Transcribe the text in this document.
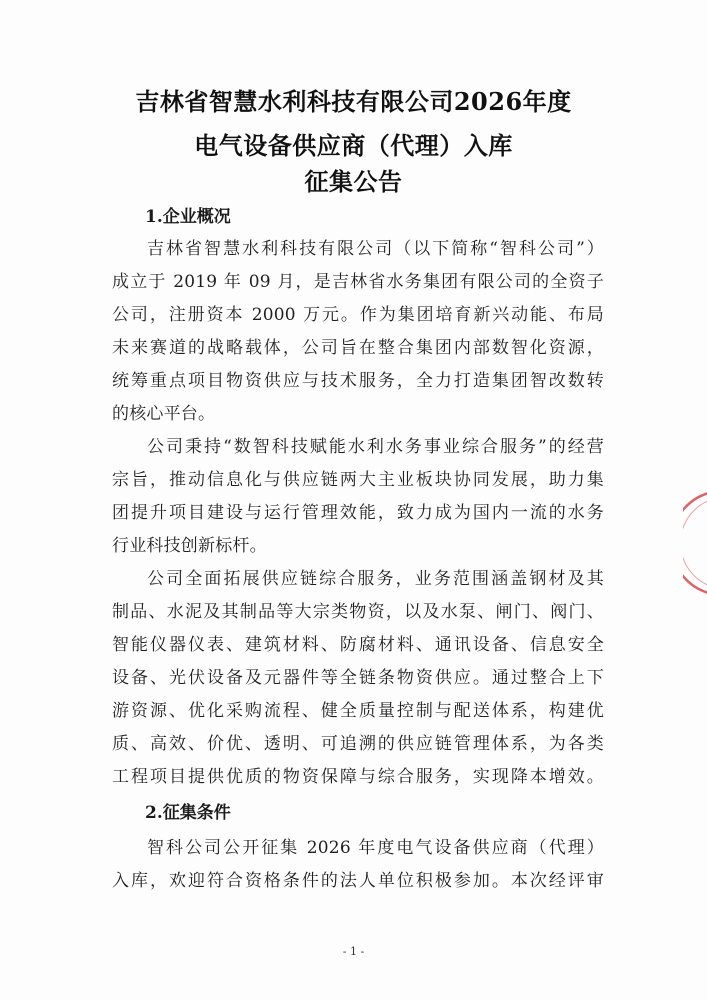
吉林省智慧水利科技有限公司2026年度
电气设备供应商（代理）入库
征集公告
1.企业概况
吉林省智慧水利科技有限公司（以下简称“智科公司”）
成立于 2019 年 09 月，是吉林省水务集团有限公司的全资子
公司，注册资本 2000 万元。作为集团培育新兴动能、布局
未来赛道的战略载体，公司旨在整合集团内部数智化资源，
统筹重点项目物资供应与技术服务，全力打造集团智改数转
的核心平台。
公司秉持“数智科技赋能水利水务事业综合服务”的经营
宗旨，推动信息化与供应链两大主业板块协同发展，助力集
团提升项目建设与运行管理效能，致力成为国内一流的水务
行业科技创新标杆。
公司全面拓展供应链综合服务，业务范围涵盖钢材及其
制品、水泥及其制品等大宗类物资，以及水泵、闸门、阀门、
智能仪器仪表、建筑材料、防腐材料、通讯设备、信息安全
设备、光伏设备及元器件等全链条物资供应。通过整合上下
游资源、优化采购流程、健全质量控制与配送体系，构建优
质、高效、价优、透明、可追溯的供应链管理体系，为各类
工程项目提供优质的物资保障与综合服务，实现降本增效。
2.征集条件
智科公司公开征集 2026 年度电气设备供应商（代理）
入库，欢迎符合资格条件的法人单位积极参加。本次经评审
- 1 -
